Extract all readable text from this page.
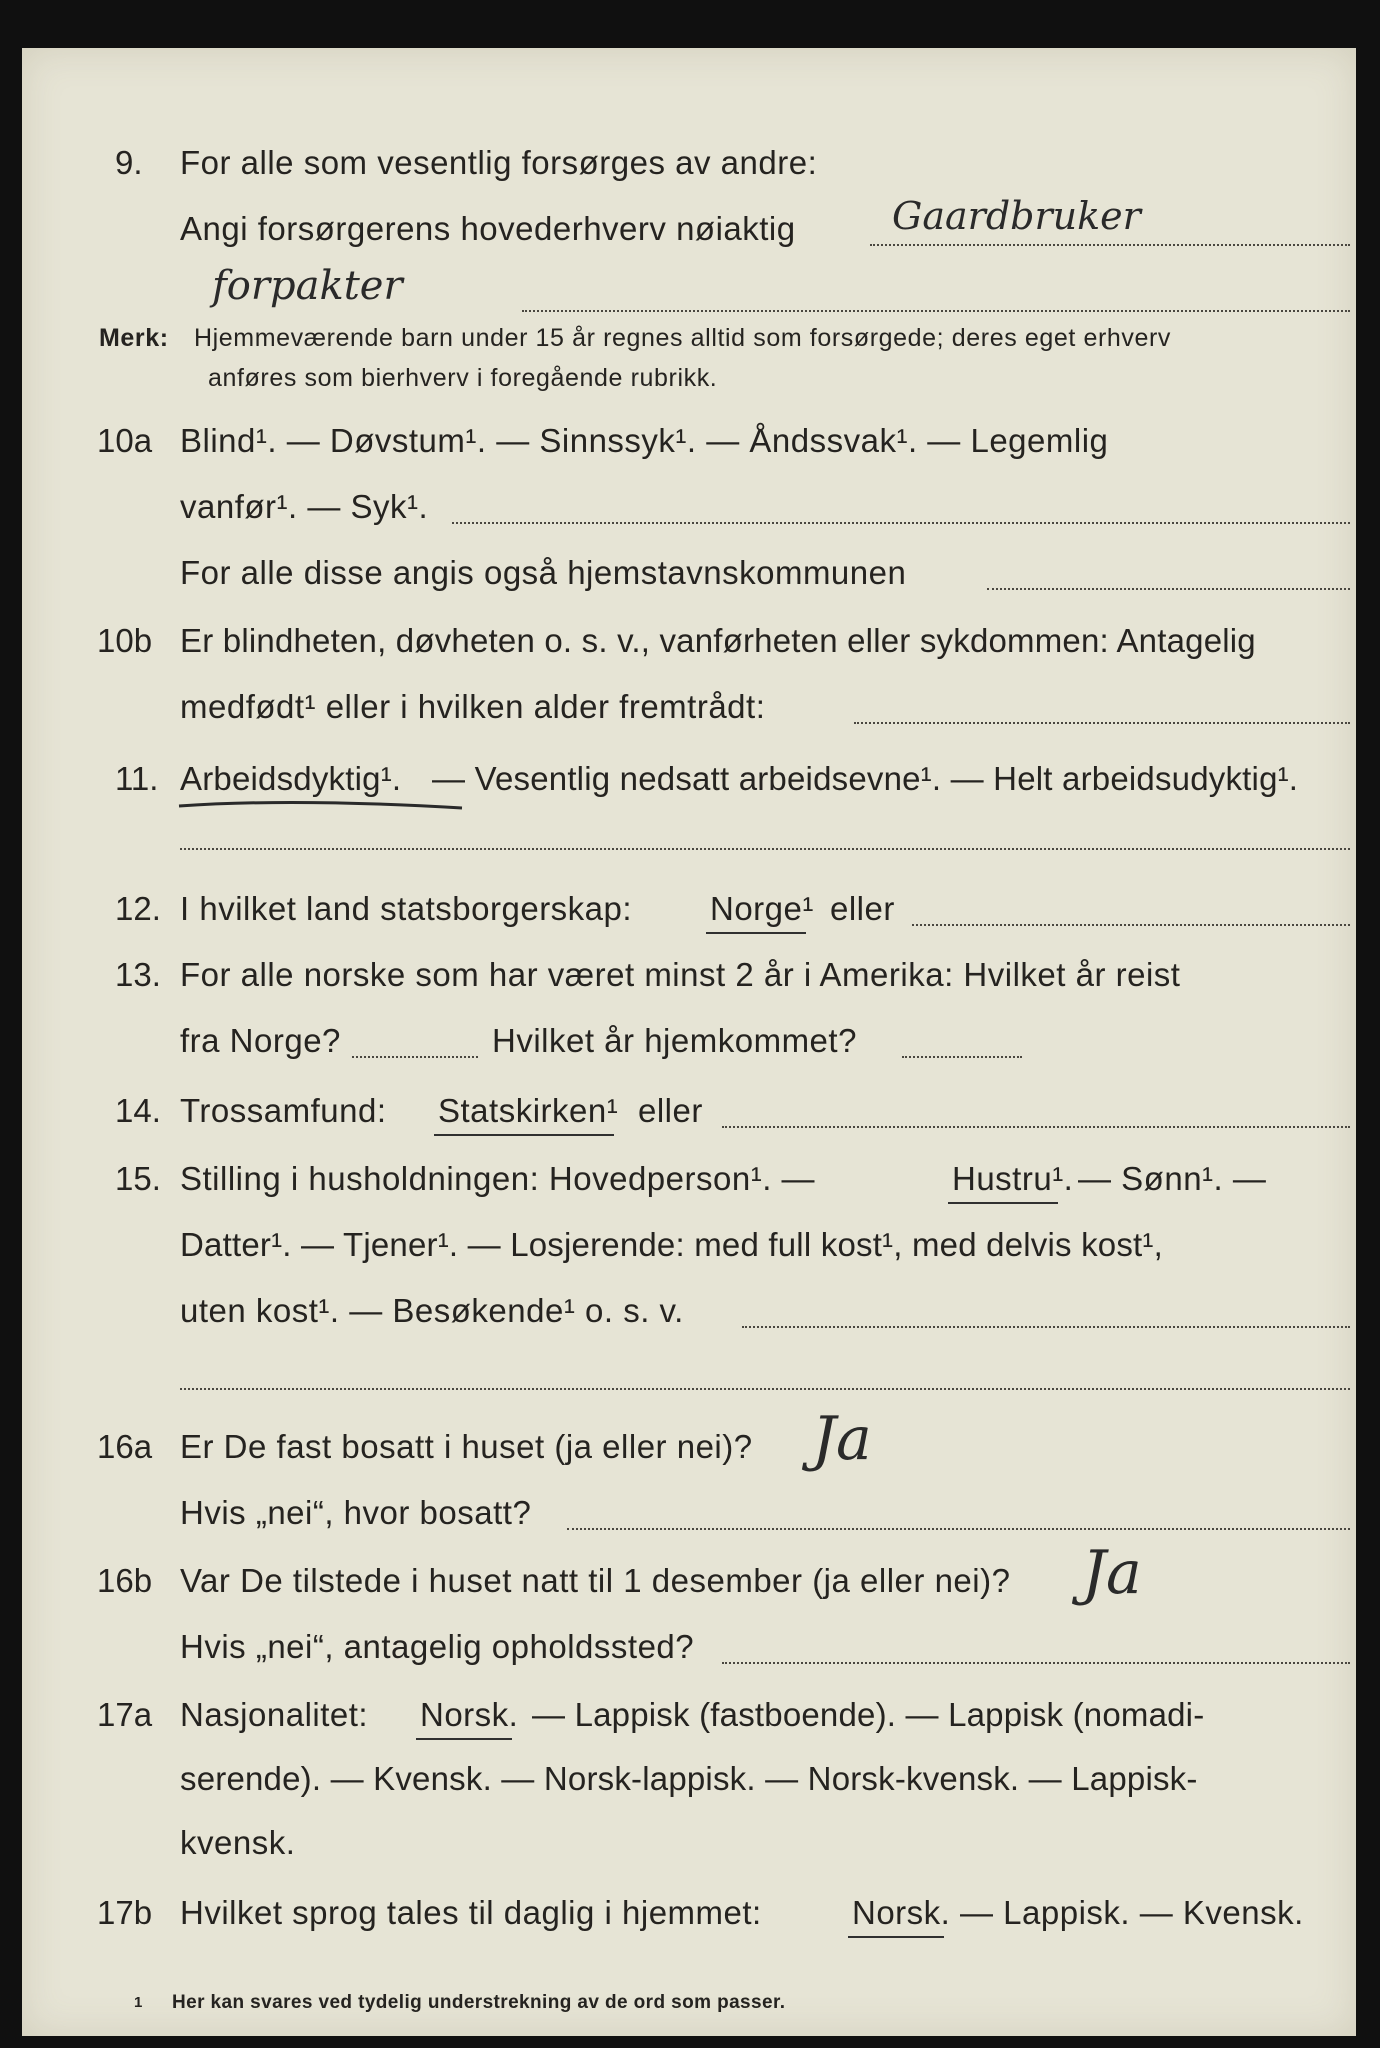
9. For alle som vesentlig forsørges av andre:
Angi forsørgerens hovederhverv nøiaktig	Gaardbruker
forpakter
Merk: Hjemmeværende barn under 15 år regnes alltid som forsørgede; deres eget erhverv
anføres som bierhverv i foregående rubrikk.
10a Blind¹. — Døvstum¹. — Sinnssyk¹. — Åndssvak¹. — Legemlig
vanfør¹. — Syk¹.
For alle disse angis også hjemstavnskommunen
10b Er blindheten, døvheten o. s. v., vanførheten eller sykdommen: Antagelig
medfødt¹ eller i hvilken alder fremtrådt:
11. Arbeidsdyktig¹. — Vesentlig nedsatt arbeidsevne¹. — Helt arbeidsudyktig¹.
12. I hvilket land statsborgerskap: Norge¹ eller
13. For alle norske som har været minst 2 år i Amerika: Hvilket år reist
fra Norge?	Hvilket år hjemkommet?
14. Trossamfund: Statskirken¹ eller
15. Stilling i husholdningen: Hovedperson¹. —	Hustru¹. — Sønn¹. —
Datter¹. — Tjener¹. — Losjerende: med full kost¹, med delvis kost¹,
uten kost¹. — Besøkende¹ o. s. v.
16a Er De fast bosatt i huset (ja eller nei)? Ja
Hvis „nei“, hvor bosatt?
16b Var De tilstede i huset natt til 1 desember (ja eller nei)? Ja
Hvis „nei“, antagelig opholdssted?
17a Nasjonalitet: Norsk. — Lappisk (fastboende). — Lappisk (nomadi-
serende). — Kvensk. — Norsk-lappisk. — Norsk-kvensk. — Lappisk-
kvensk.
17b Hvilket sprog tales til daglig i hjemmet:	Norsk. — Lappisk. — Kvensk.
1 Her kan svares ved tydelig understrekning av de ord som passer.
